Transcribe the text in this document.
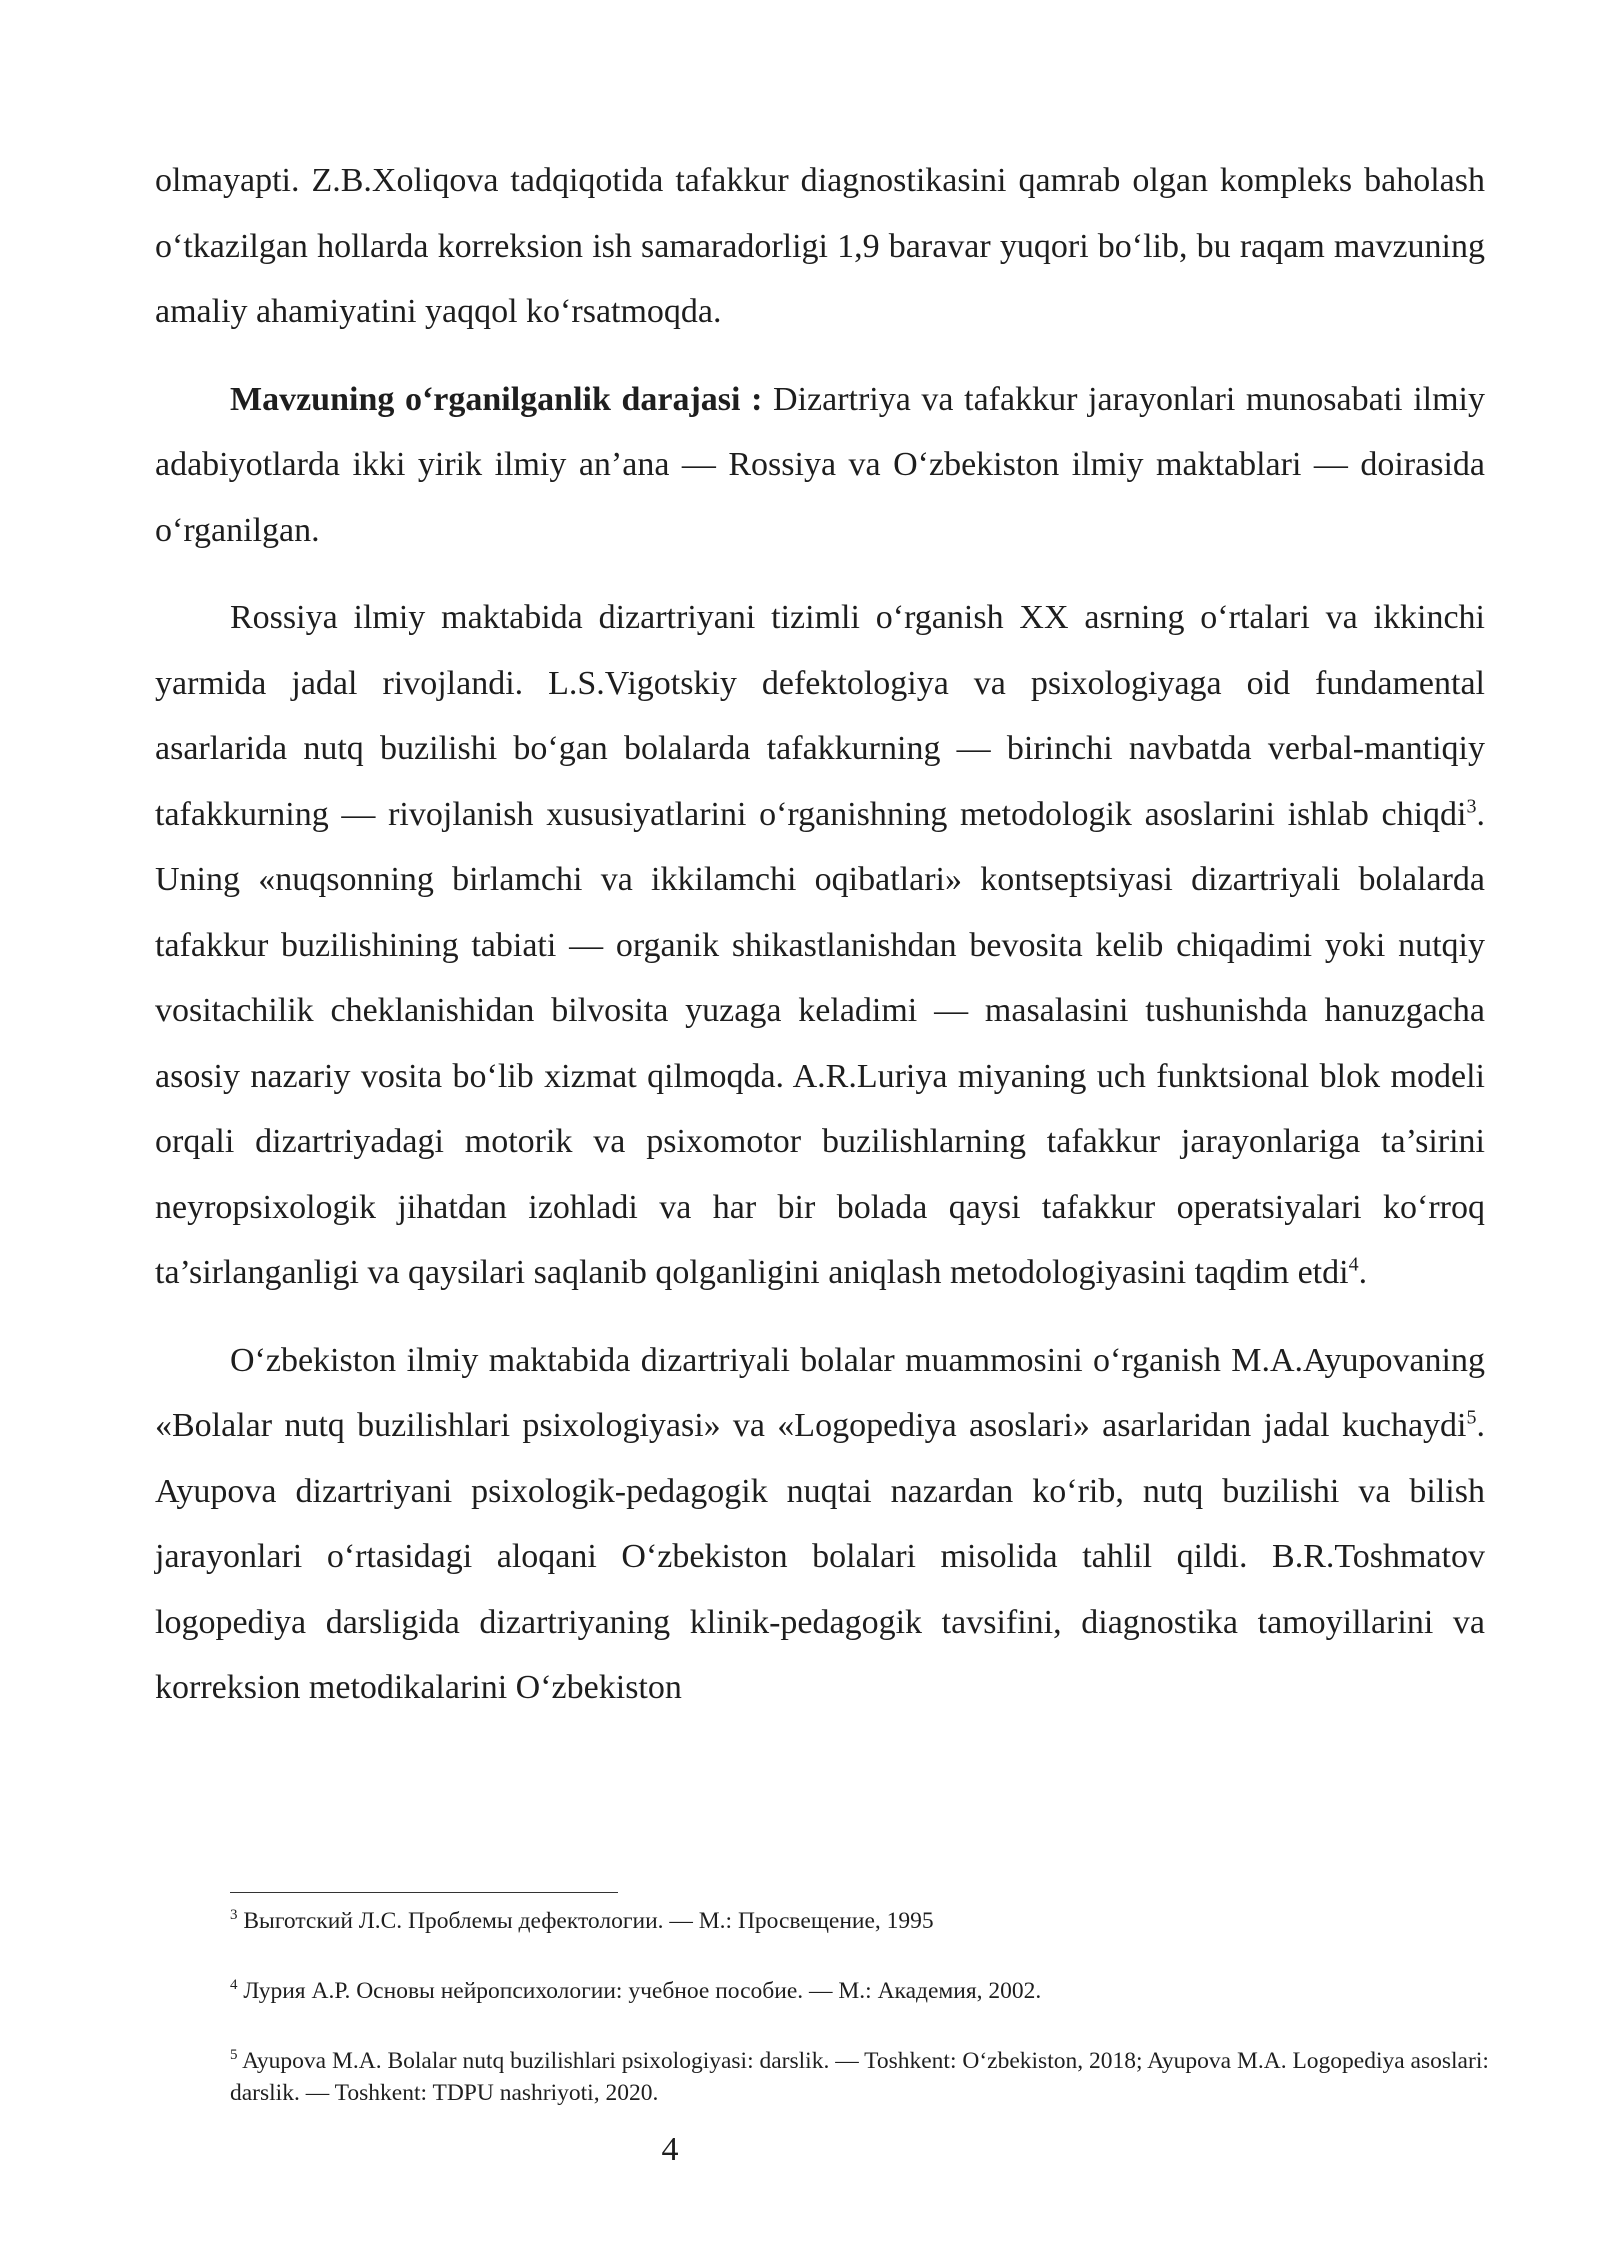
olmayapti. Z.B.Xoliqova tadqiqotida tafakkur diagnostikasini qamrab olgan kompleks baholash o‘tkazilgan hollarda korreksion ish samaradorligi 1,9 baravar yuqori bo‘lib, bu raqam mavzuning amaliy ahamiyatini yaqqol ko‘rsatmoqda.

Mavzuning o‘rganilganlik darajasi : Dizartriya va tafakkur jarayonlari munosabati ilmiy adabiyotlarda ikki yirik ilmiy an’ana — Rossiya va O‘zbekiston ilmiy maktablari — doirasida o‘rganilgan.

Rossiya ilmiy maktabida dizartriyani tizimli o‘rganish XX asrning o‘rtalari va ikkinchi yarmida jadal rivojlandi. L.S.Vigotskiy defektologiya va psixologiyaga oid fundamental asarlarida nutq buzilishi bo‘gan bolalarda tafakkurning — birinchi navbatda verbal-mantiqiy tafakkurning — rivojlanish xususiyatlarini o‘rganishning metodologik asoslarini ishlab chiqdi$^3$. Uning «nuqsonning birlamchi va ikkilamchi oqibatlari» kontseptsiyasi dizartriyali bolalarda tafakkur buzilishining tabiati — organik shikastlanishdan bevosita kelib chiqadimi yoki nutqiy vositachilik cheklanishidan bilvosita yuzaga keladimi — masalasini tushunishda hanuzgacha asosiy nazariy vosita bo‘lib xizmat qilmoqda. A.R.Luriya miyaning uch funktsional blok modeli orqali dizartriyadagi motorik va psixomotor buzilishlarning tafakkur jarayonlariga ta’sirini neyropsixologik jihatdan izohladi va har bir bolada qaysi tafakkur operatsiyalari ko‘rroq ta’sirlanganligi va qaysilari saqlanib qolganligini aniqlash metodologiyasini taqdim etdi$^4$.

O‘zbekiston ilmiy maktabida dizartriyali bolalar muammosini o‘rganish M.A.Ayupovaning «Bolalar nutq buzilishlari psixologiyasi» va «Logopediya asoslari» asarlaridan jadal kuchaydi$^5$. Ayupova dizartriyani psixologik-pedagogik nuqtai nazardan ko‘rib, nutq buzilishi va bilish jarayonlari o‘rtasidagi aloqani O‘zbekiston bolalari misolida tahlil qildi. B.R.Toshmatov logopediya darsligida dizartriyaning klinik-pedagogik tavsifini, diagnostika tamoyillarini va korreksion metodikalarini O‘zbekiston

$^3$ Выготский Л.С. Проблемы дефектологии. — М.: Просвещение, 1995

$^4$ Лурия А.Р. Основы нейропсихологии: учебное пособие. — М.: Академия, 2002.

$^5$ Ayupova M.A. Bolalar nutq buzilishlari psixologiyasi: darslik. — Toshkent: O‘zbekiston, 2018; Ayupova M.A. Logopediya asoslari: darslik. — Toshkent: TDPU nashriyoti, 2020.

4
